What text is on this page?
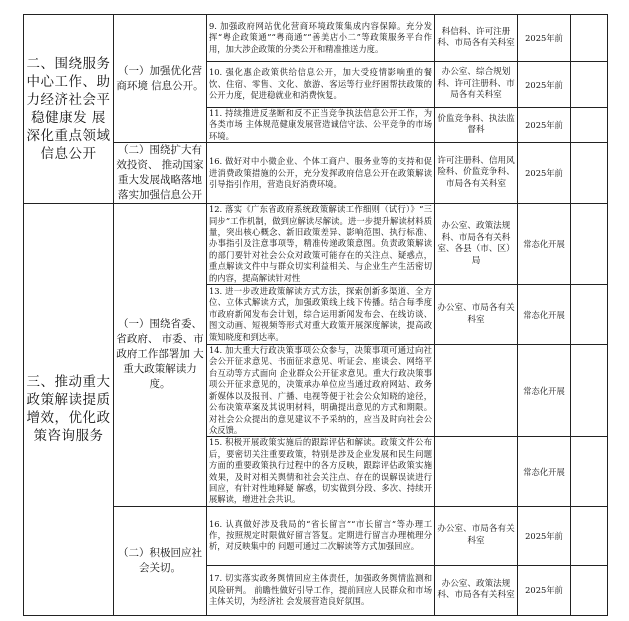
二、围绕服务中心工作、助力经济社会平稳健康发 展深化重点领域信息公开	（一）加强优化营商环境 信息公开。	9. 加强政府网站优化营商环境政策集成内容保障。充分发挥“粤企政策通”“粤商通”“善美店小二”等政策服务平台作用，加大涉企政策的分类公开和精准推送力度。	科信科、许可注册科、市局各有关科室	2025年前	
		10. 强化惠企政策供给信息公开，加大受疫情影响重的餐饮、住宿、零售、文化、旅游、客运等行业纾困帮扶政策的公开力度，促进稳就业和消费恢复。	办公室、综合规划科、许可注册科、市局各有关科室	2025年前	
		11. 持续推进反垄断和反不正当竞争执法信息公开工作，为各类市场 主体规范健康发展营造诚信守法、公平竞争的市场环境。	价监竞争科、执法监督科	2025年前	
	（二）围绕扩大有效投资、 推动国家重大发展战略落地落实加强信息公开	16. 做好对中小微企业、个体工商户、服务业等的支持和促进消费政策措施的公开，充分发挥政府信息公开在政策解读引导指引作用，营造良好消费环境。	许可注册科、信用风险科、价监竞争科、市局各有关科室	2025年前	
三、推动重大政策解读提质增效，优化政策咨询服务	（一）围绕省委、省政府、 市委、市政府工作部署加 大重大政策解读力度。	12. 落实《广东省政府系统政策解读工作细则（试行）》“三同步”工作机制，做到应解读尽解读。进一步提升解读材料质量，突出核心概念、新旧政策差异、影响范围、执行标准、办事指引及注意事项等，精准传递政策意图。负责政策解读的部门要针对社会公众对政策可能存在的关注点、疑惑点，重点解读文件中与群众切实利益相关、与企业生产生活密切的内容，提高解读针对性	办公室、政策法规科、市局各有关科室、各县（市、区）局	常态化开展	
		13. 进一步改进政策解读方式方法，探索创新多渠道、全方位、立体式解读方式，加强政策线上线下传播。结合每季度市政府新闻发布会计划，综合运用新闻发布会、在线访谈、图文动画、短视频等形式对重大政策开展深度解读，提高政策知晓度和到达率。	办公室、市局各有关科室	常态化开展	
		14. 加大重大行政决策事项公众参与，决策事项可通过向社会公开征求意见、书面征求意见、听证会、座谈会、网络平台互动等方式面向 企业群众公开征求意见。重大行政决策事项公开征求意见的，决策承办单位应当通过政府网站、政务新媒体以及报刊、广播、电视等便于社会公众知晓的途径，公布决策草案及其说明材料，明确提出意见的方式和期限。对社会公众提出的意见建议不予采纳的，应当及时向社会公众反馈。		常态化开展	
		15. 积极开展政策实施后的跟踪评估和解读。政策文件公布后，要密切关注重要政策，特别是涉及企业发展和民生问题方面的重要政策执行过程中的各方反映，跟踪评估政策实施效果，及时对相关舆情和社会关注点、存在的误解误读进行回应，有针对性地释疑 解惑，切实做到分段、多次、持续开展解读，增进社会共识。		常态化开展	
	（二）积极回应社会关切。	16. 认真做好涉及我局的“省长留言”“市长留言”等办理工作，按照规定时限做好留言答复。定期进行留言办理梳理分析，对反映集中的 问题可通过二次解读等方式加强回应。	办公室、市局各有关科室	2025年前	
		17. 切实落实政务舆情回应主体责任，加强政务舆情监测和风险研判。 前瞻性做好引导工作，提前回应人民群众和市场主体关切，为经济社 会发展营造良好氛围。	办公室、政策法规科、市局各有关科室	2025年前	
